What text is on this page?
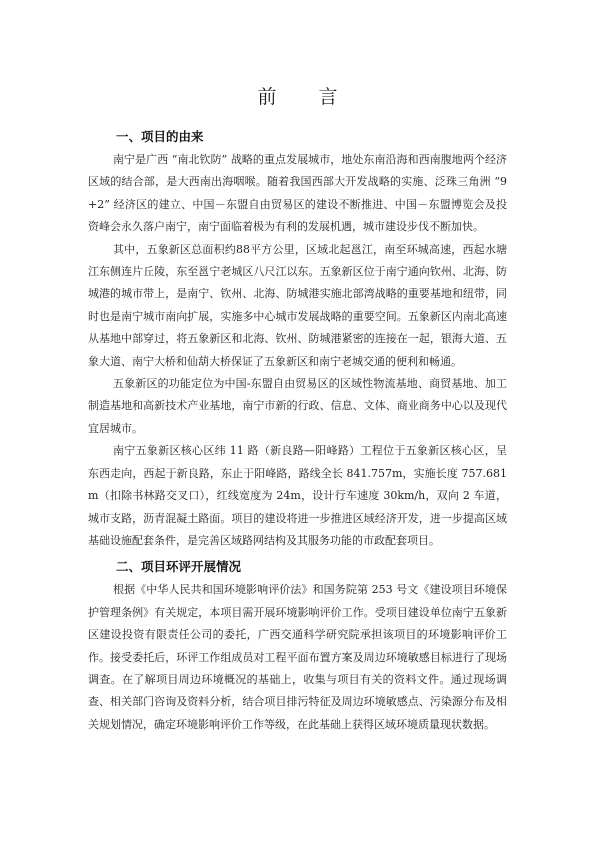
前 言
一、项目的由来

南宁是广西 “南北钦防” 战略的重点发展城市，地处东南沿海和西南腹地两个经济区域的结合部，是大西南出海咽喉。随着我国西部大开发战略的实施、泛珠三角洲 “9+2” 经济区的建立、中国－东盟自由贸易区的建设不断推进、中国－东盟博览会及投资峰会永久落户南宁，南宁面临着极为有利的发展机遇，城市建设步伐不断加快。

其中，五象新区总面积约88平方公里，区域北起邕江，南至环城高速，西起水塘江东侧连片丘陵，东至邕宁老城区八尺江以东。五象新区位于南宁通向钦州、北海、防城港的城市带上，是南宁、钦州、北海、防城港实施北部湾战略的重要基地和纽带，同时也是南宁城市南向扩展，实施多中心城市发展战略的重要空间。五象新区内南北高速从基地中部穿过，将五象新区和北海、钦州、防城港紧密的连接在一起，银海大道、五象大道、南宁大桥和仙葫大桥保证了五象新区和南宁老城交通的便利和畅通。

五象新区的功能定位为中国-东盟自由贸易区的区域性物流基地、商贸基地、加工制造基地和高新技术产业基地，南宁市新的行政、信息、文体、商业商务中心以及现代宜居城市。

南宁五象新区核心区纬 11 路（新良路—阳峰路）工程位于五象新区核心区，呈东西走向，西起于新良路，东止于阳峰路，路线全长 841.757m，实施长度 757.681m（扣除书林路交叉口），红线宽度为 24m，设计行车速度 30km/h，双向 2 车道，城市支路，沥青混凝土路面。项目的建设将进一步推进区域经济开发，进一步提高区域基础设施配套条件，是完善区域路网结构及其服务功能的市政配套项目。

二、项目环评开展情况

根据《中华人民共和国环境影响评价法》和国务院第 253 号文《建设项目环境保护管理条例》有关规定，本项目需开展环境影响评价工作。受项目建设单位南宁五象新区建设投资有限责任公司的委托，广西交通科学研究院承担该项目的环境影响评价工作。接受委托后，环评工作组成员对工程平面布置方案及周边环境敏感目标进行了现场调查。在了解项目周边环境概况的基础上，收集与项目有关的资料文件。通过现场调查、相关部门咨询及资料分析，结合项目排污特征及周边环境敏感点、污染源分布及相关规划情况，确定环境影响评价工作等级，在此基础上获得区域环境质量现状数据。
